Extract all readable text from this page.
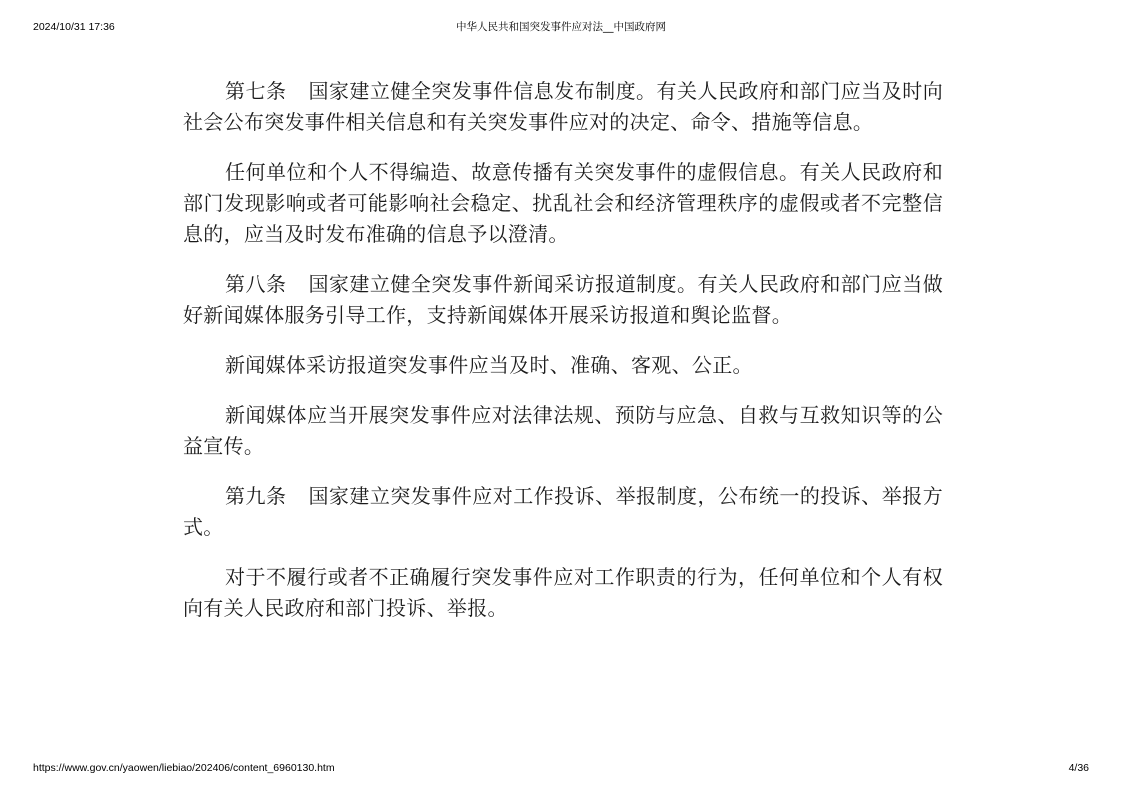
2024/10/31 17:36	中华人民共和国突发事件应对法__中国政府网

第七条 国家建立健全突发事件信息发布制度。有关人民政府和部门应当及时向社会公布突发事件相关信息和有关突发事件应对的决定、命令、措施等信息。

任何单位和个人不得编造、故意传播有关突发事件的虚假信息。有关人民政府和部门发现影响或者可能影响社会稳定、扰乱社会和经济管理秩序的虚假或者不完整信息的，应当及时发布准确的信息予以澄清。

第八条 国家建立健全突发事件新闻采访报道制度。有关人民政府和部门应当做好新闻媒体服务引导工作，支持新闻媒体开展采访报道和舆论监督。

新闻媒体采访报道突发事件应当及时、准确、客观、公正。

新闻媒体应当开展突发事件应对法律法规、预防与应急、自救与互救知识等的公益宣传。

第九条 国家建立突发事件应对工作投诉、举报制度，公布统一的投诉、举报方式。

对于不履行或者不正确履行突发事件应对工作职责的行为，任何单位和个人有权向有关人民政府和部门投诉、举报。

https://www.gov.cn/yaowen/liebiao/202406/content_6960130.htm	4/36
